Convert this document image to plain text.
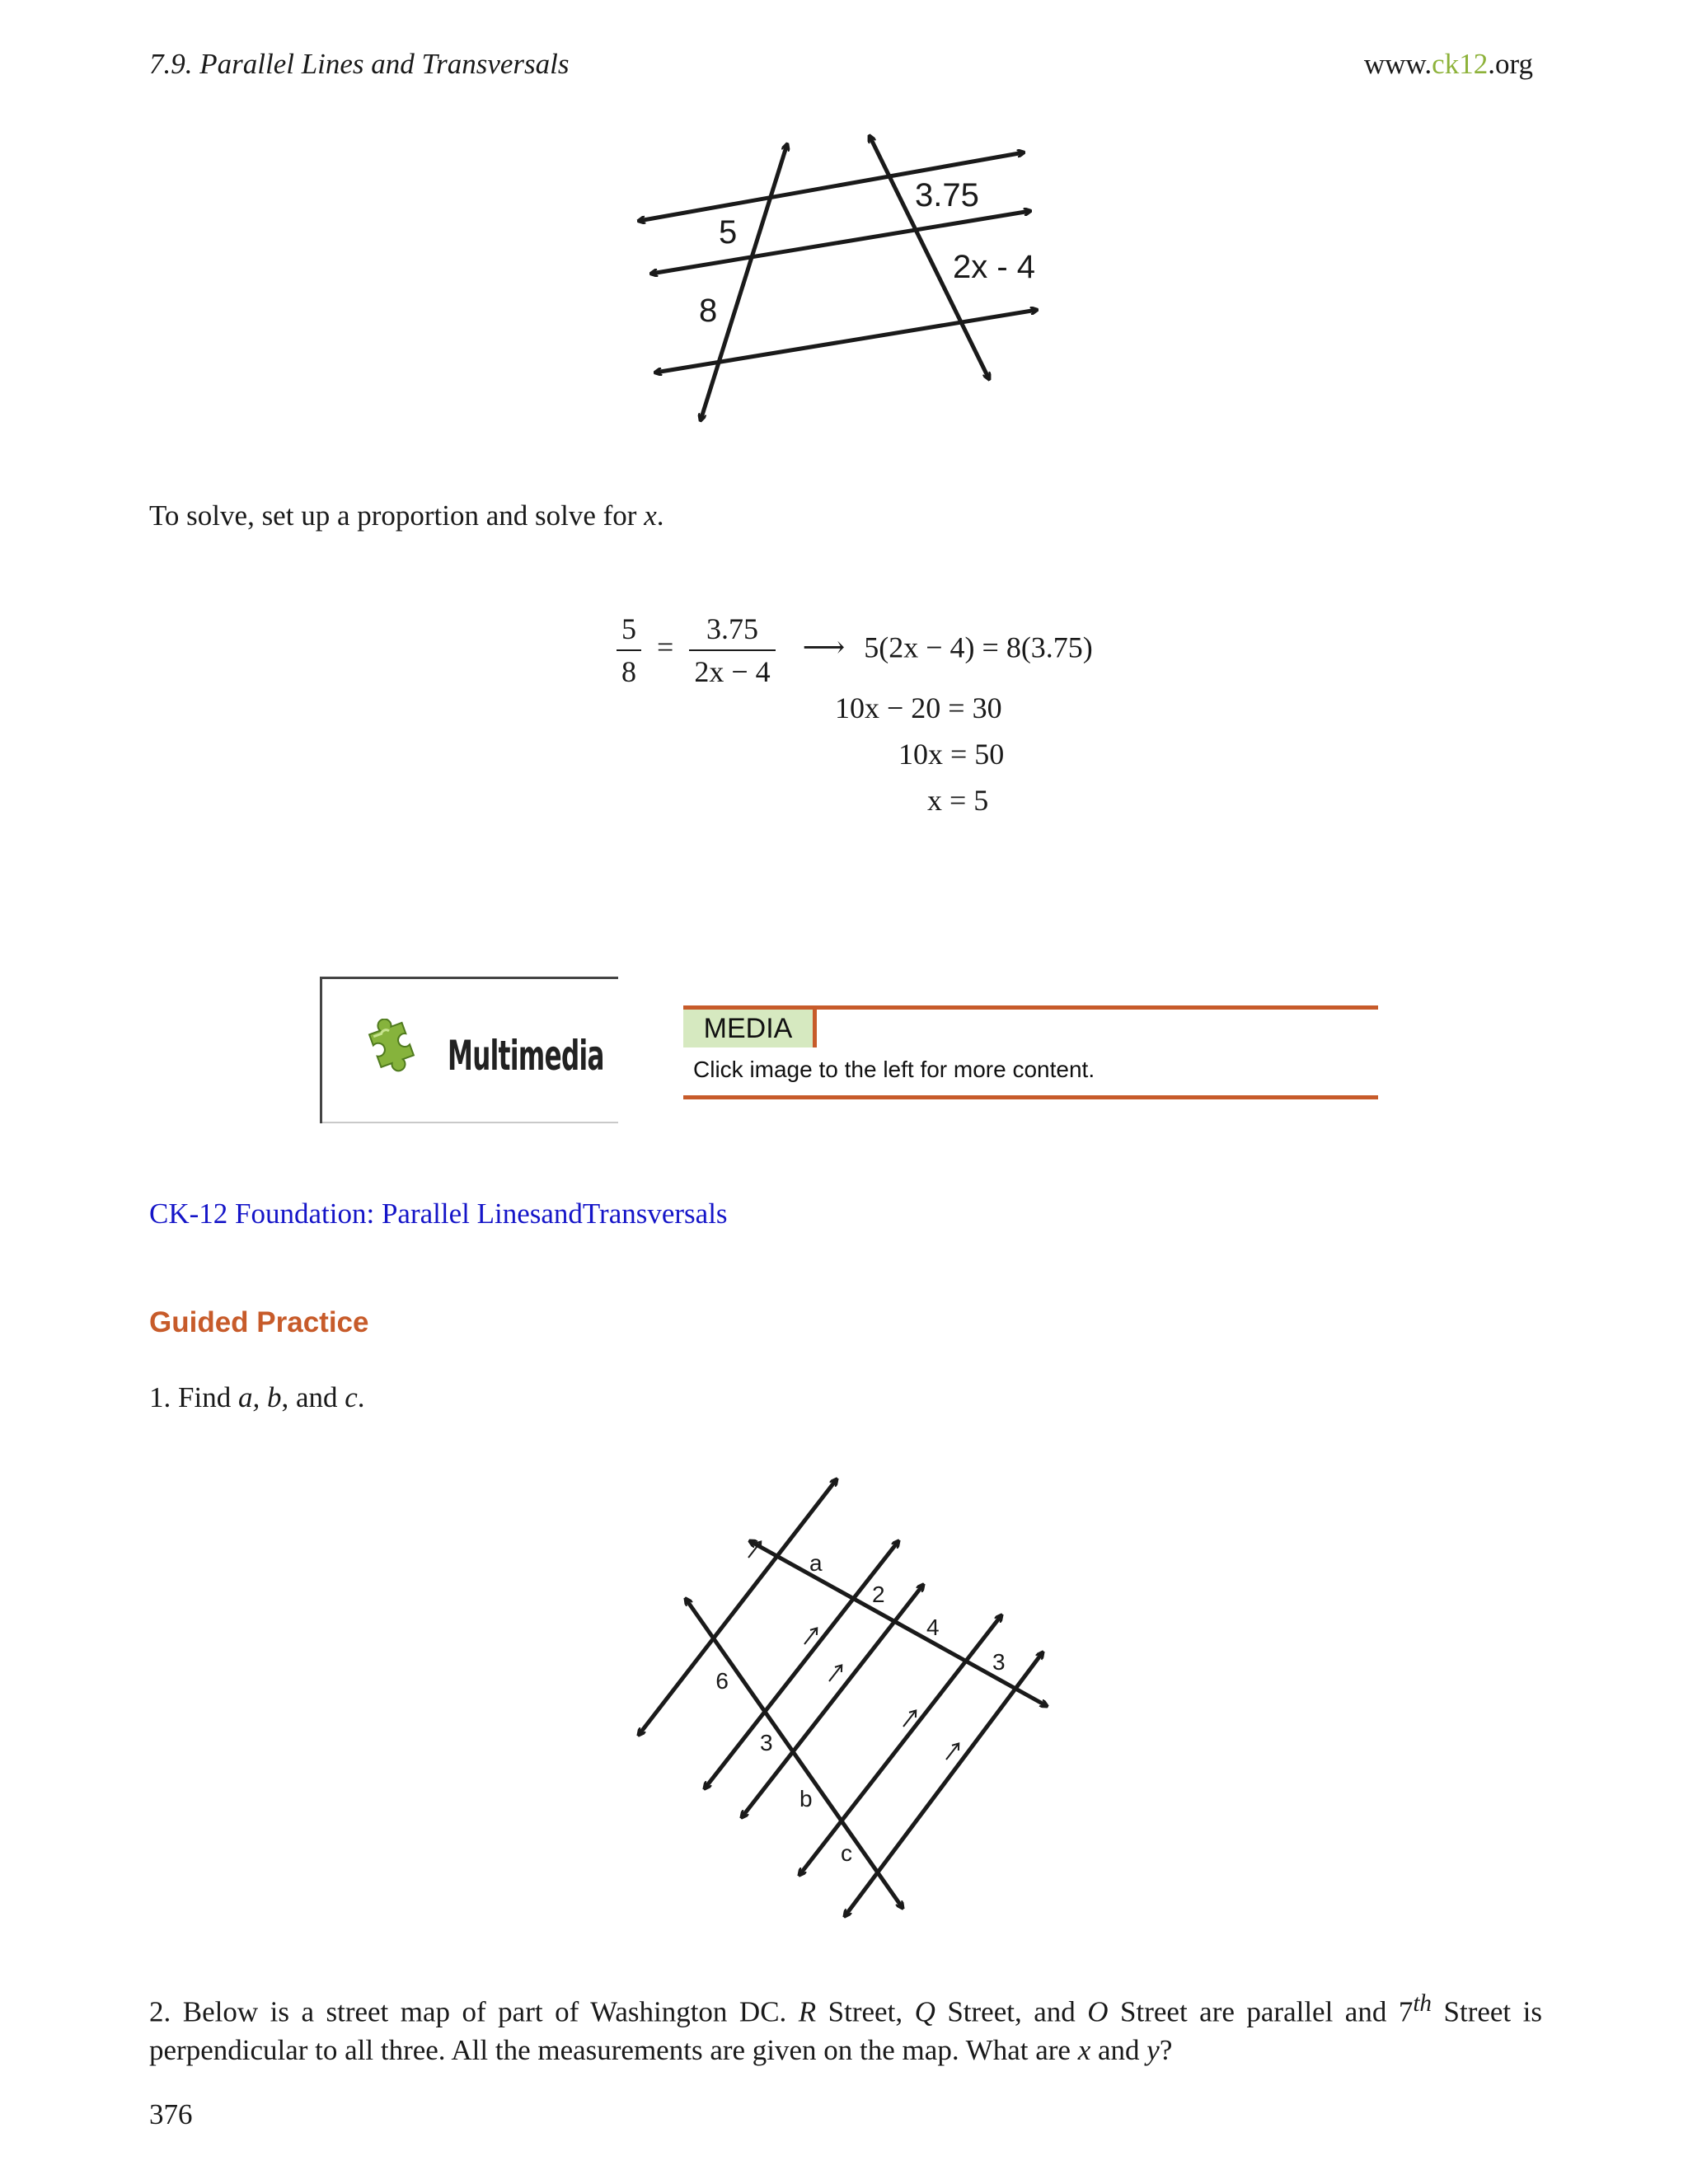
7.9. Parallel Lines and Transversals	www.ck12.org
5
8
3.75
2x - 4
To solve, set up a proportion and solve for x.
$\frac{5}{8} = \frac{3.75}{2x - 4}$ ⟶ 5(2x − 4) = 8(3.75)
10x − 20 = 30
10x = 50
x = 5
Multimedia
MEDIA
Click image to the left for more content.
CK-12 Foundation: Parallel LinesandTransversals
Guided Practice
1. Find a, b, and c.
a
2
4
3
9
3
b
c
2. Below is a street map of part of Washington DC. R Street, Q Street, and O Street are parallel and 7th Street is perpendicular to all three. All the measurements are given on the map. What are x and y?
376
